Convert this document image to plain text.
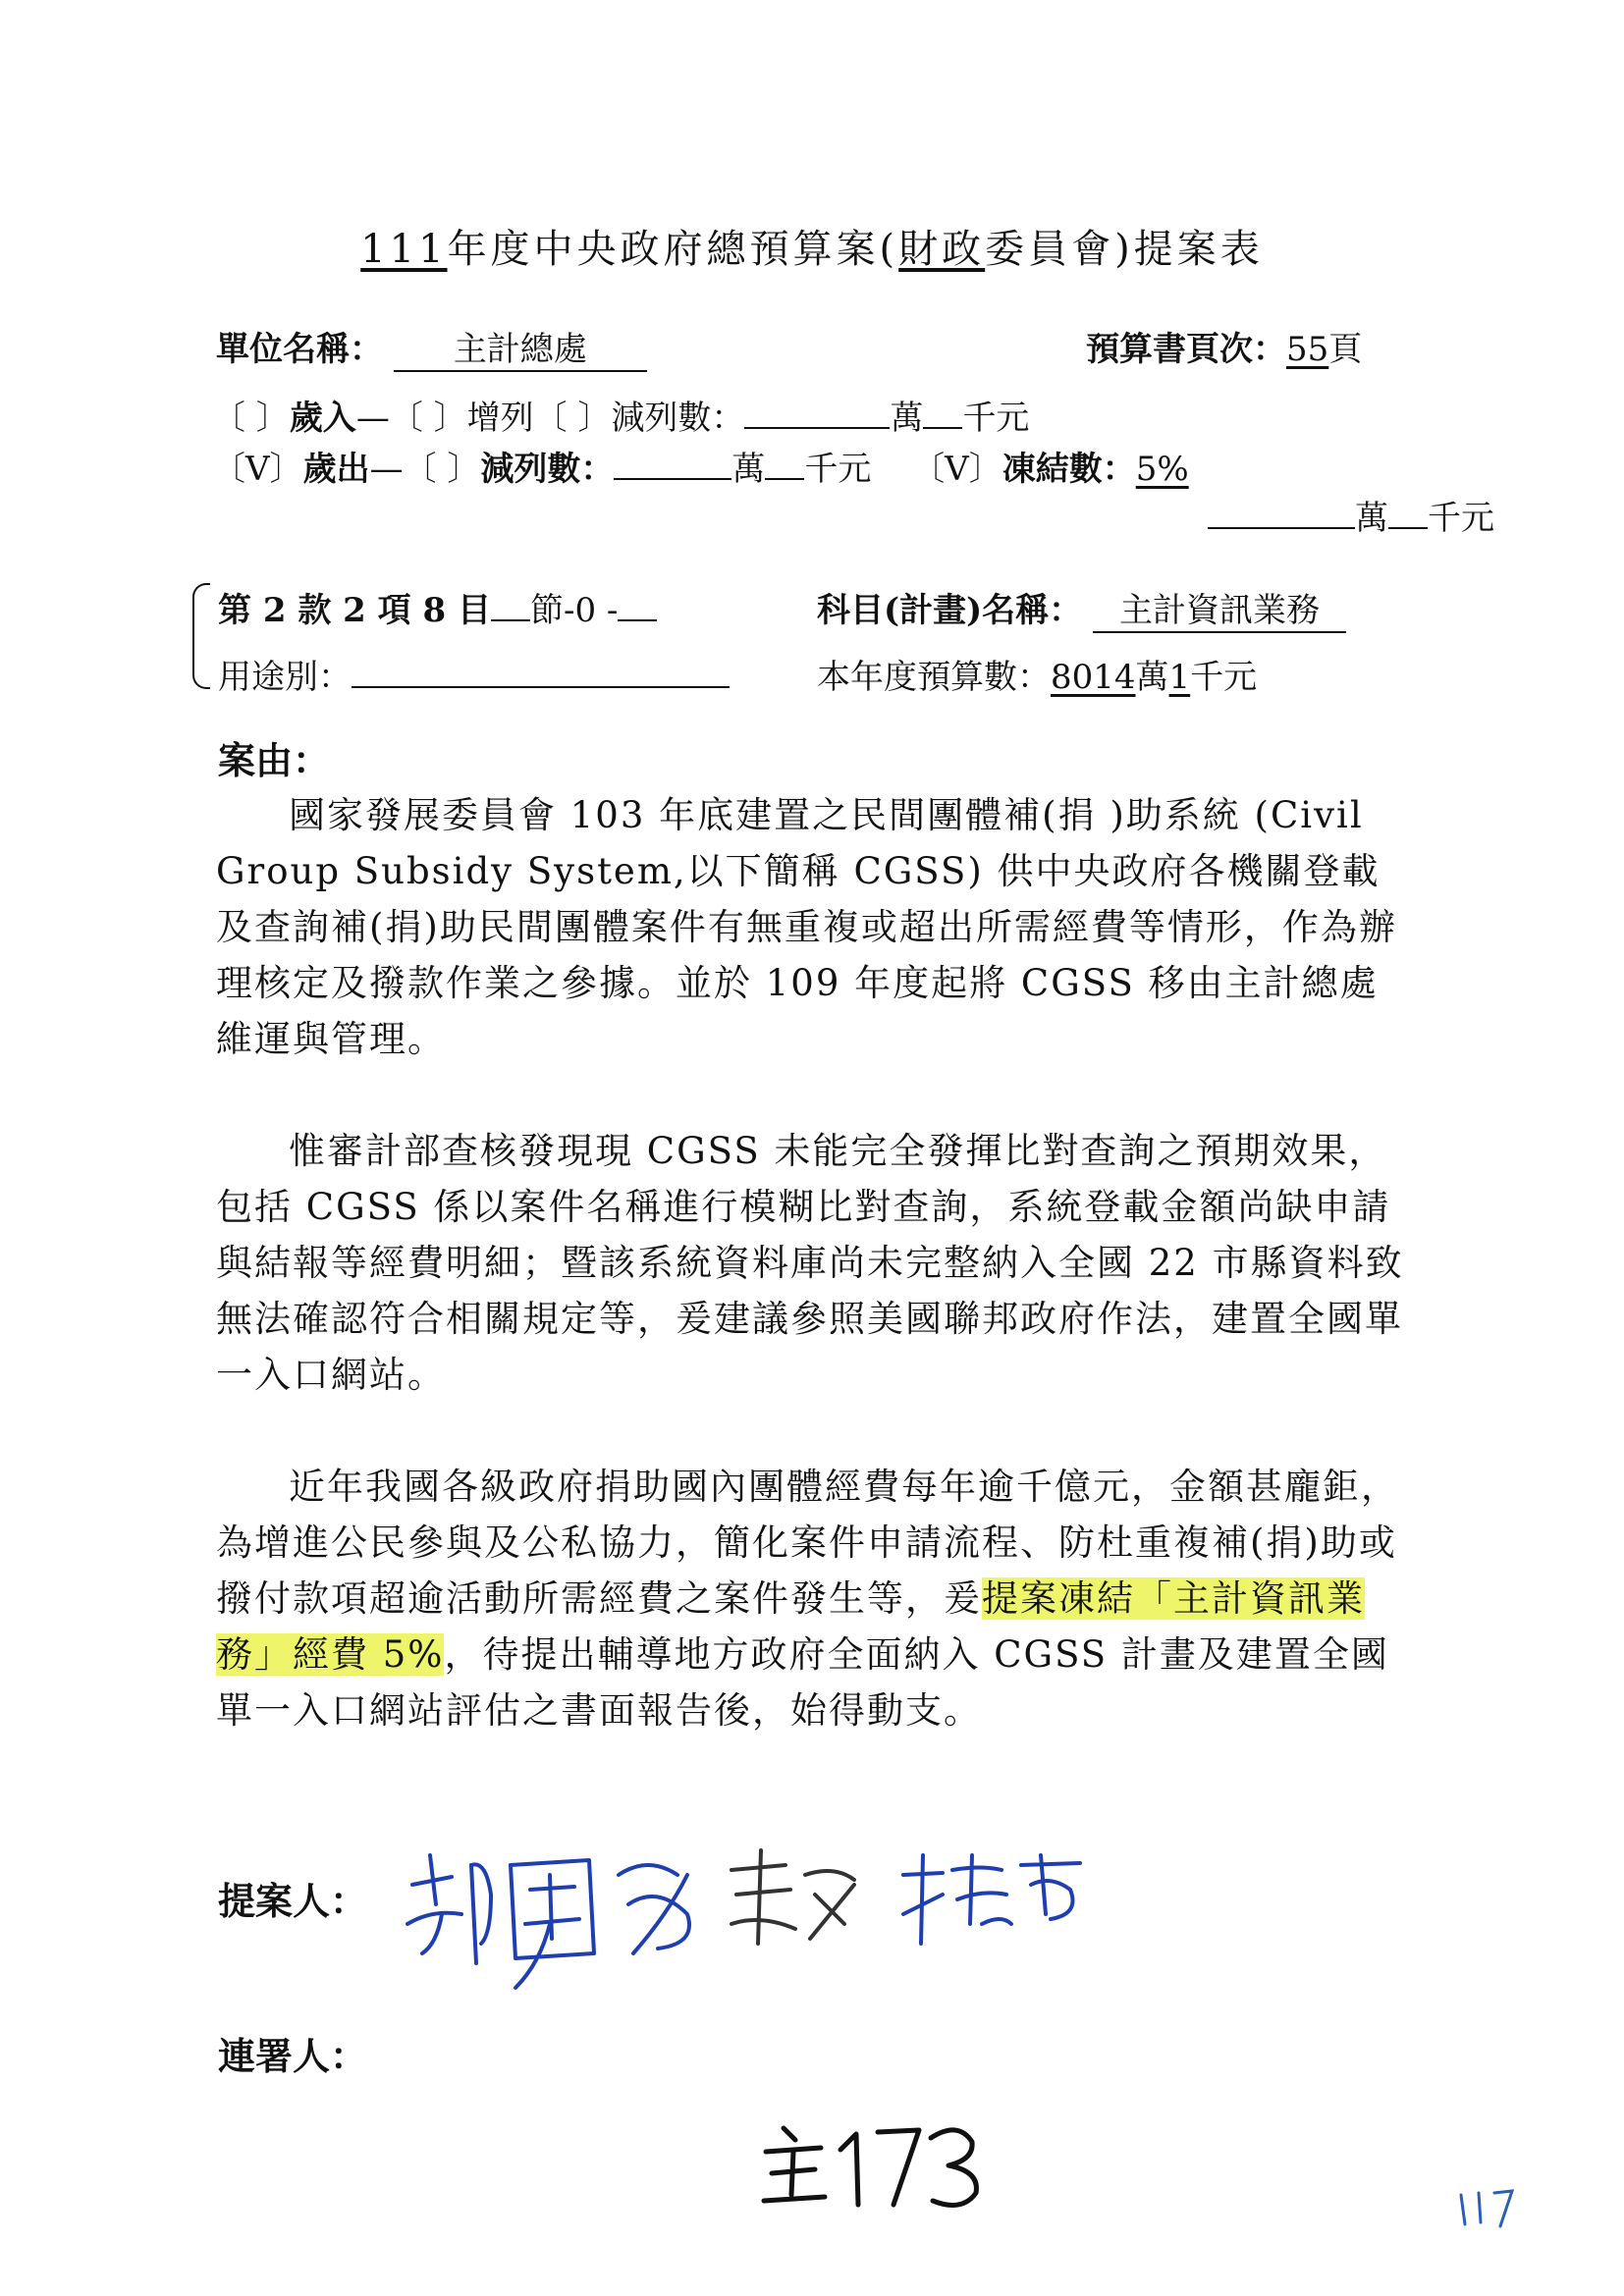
111年度中央政府總預算案(財政委員會)提案表
單位名稱： 主計總處	預算書頁次：55頁
〔 〕歲入—〔 〕增列〔 〕減列數：	萬 千元
〔V〕歲出—〔 〕減列數：	萬 千元 〔V〕凍結數：5%
萬 千元
第 2 款 2 項 8 目 節-0 -	科目(計畫)名稱： 主計資訊業務
用途別：	本年度預算數：8014萬1千元
案由：
國家發展委員會 103 年底建置之民間團體補(捐 )助系統 (Civil Group Subsidy System,以下簡稱 CGSS) 供中央政府各機關登載及查詢補(捐)助民間團體案件有無重複或超出所需經費等情形，作為辦理核定及撥款作業之參據。並於 109 年度起將 CGSS 移由主計總處維運與管理。
惟審計部查核發現現 CGSS 未能完全發揮比對查詢之預期效果，包括 CGSS 係以案件名稱進行模糊比對查詢，系統登載金額尚缺申請與結報等經費明細；暨該系統資料庫尚未完整納入全國 22 市縣資料致無法確認符合相關規定等，爰建議參照美國聯邦政府作法，建置全國單一入口網站。
近年我國各級政府捐助國內團體經費每年逾千億元，金額甚龐鉅，為增進公民參與及公私協力，簡化案件申請流程、防杜重複補(捐)助或撥付款項超逾活動所需經費之案件發生等，爰提案凍結「主計資訊業務」經費 5%，待提出輔導地方政府全面納入 CGSS 計畫及建置全國單一入口網站評估之書面報告後，始得動支。
提案人：
連署人：
